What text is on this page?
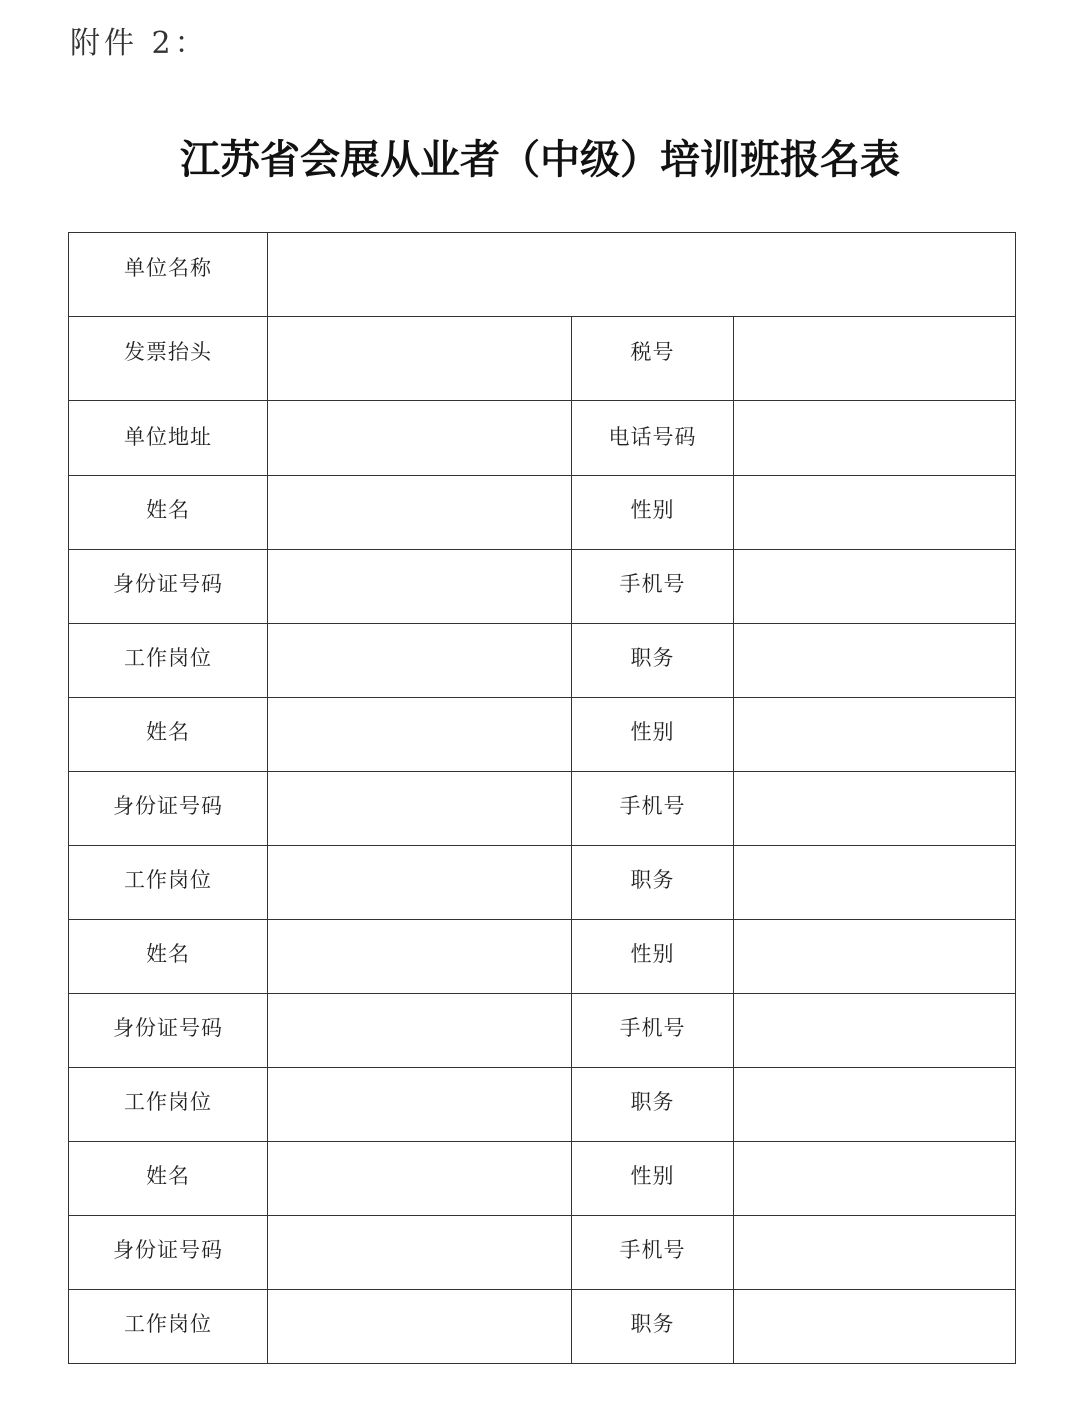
附件 2：
江苏省会展从业者（中级）培训班报名表
单位名称			
发票抬头		税号	
单位地址		电话号码	
姓名		性别	
身份证号码		手机号	
工作岗位		职务	
姓名		性别	
身份证号码		手机号	
工作岗位		职务	
姓名		性别	
身份证号码		手机号	
工作岗位		职务	
姓名		性别	
身份证号码		手机号	
工作岗位		职务	
